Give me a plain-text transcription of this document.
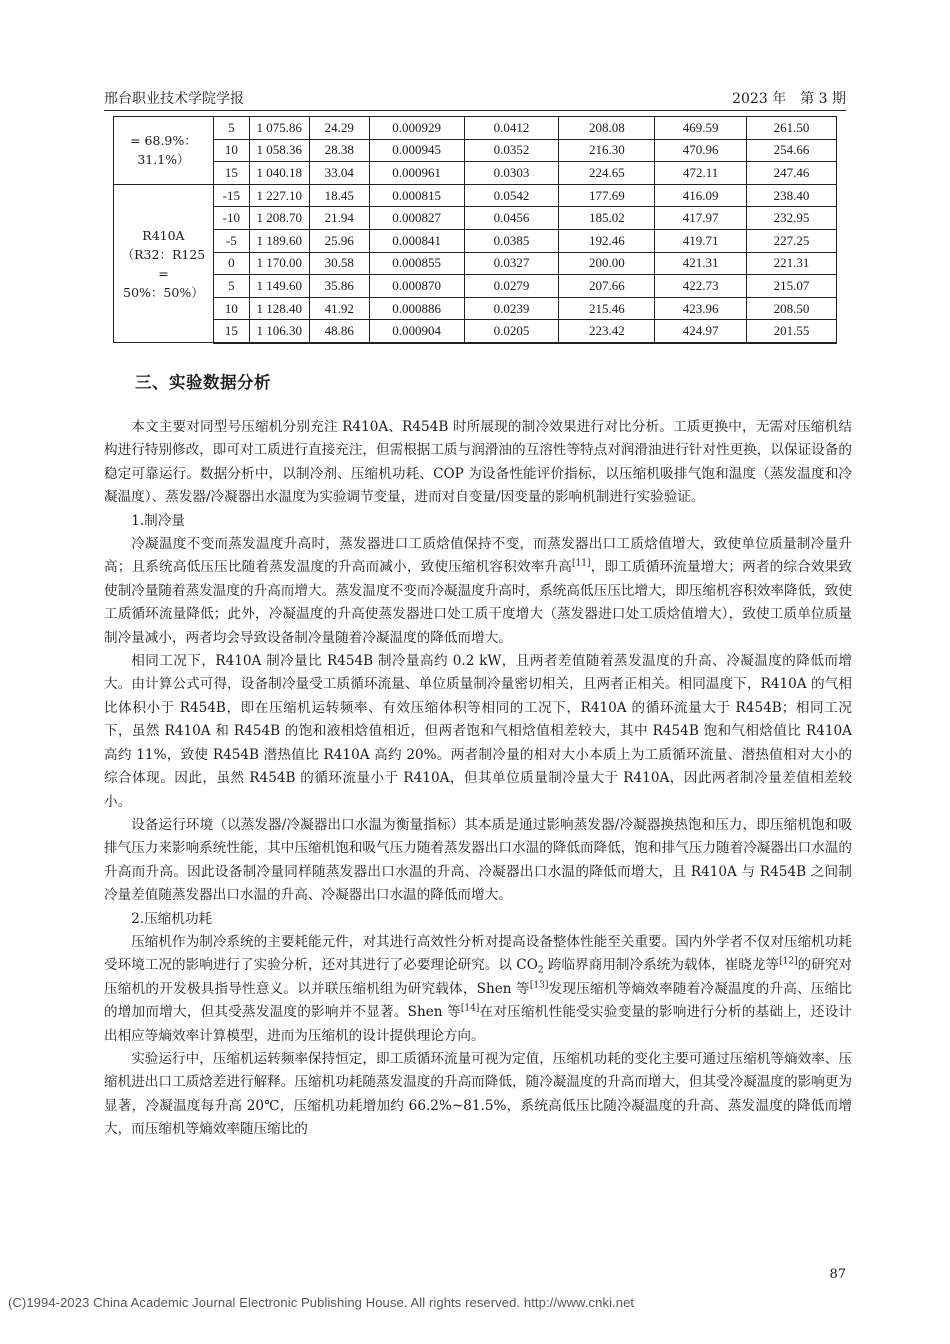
邢台职业技术学院学报	2023 年　第 3 期
= 68.9%：
31.1%）	5	1 075.86	24.29	0.000929	0.0412	208.08	469.59	261.50
	10	1 058.36	28.38	0.000945	0.0352	216.30	470.96	254.66
	15	1 040.18	33.04	0.000961	0.0303	224.65	472.11	247.46
R410A
（R32：R125
=
50%：50%）	-15	1 227.10	18.45	0.000815	0.0542	177.69	416.09	238.40
	-10	1 208.70	21.94	0.000827	0.0456	185.02	417.97	232.95
	-5	1 189.60	25.96	0.000841	0.0385	192.46	419.71	227.25
	0	1 170.00	30.58	0.000855	0.0327	200.00	421.31	221.31
	5	1 149.60	35.86	0.000870	0.0279	207.66	422.73	215.07
	10	1 128.40	41.92	0.000886	0.0239	215.46	423.96	208.50
	15	1 106.30	48.86	0.000904	0.0205	223.42	424.97	201.55
三、实验数据分析

本文主要对同型号压缩机分别充注 R410A、R454B 时所展现的制冷效果进行对比分析。工质更换中，无需对压缩机结构进行特别修改，即可对工质进行直接充注，但需根据工质与润滑油的互溶性等特点对润滑油进行针对性更换，以保证设备的稳定可靠运行。数据分析中，以制冷剂、压缩机功耗、COP 为设备性能评价指标，以压缩机吸排气饱和温度（蒸发温度和冷凝温度）、蒸发器/冷凝器出水温度为实验调节变量，进而对自变量/因变量的影响机制进行实验验证。

1.制冷量

冷凝温度不变而蒸发温度升高时，蒸发器进口工质焓值保持不变，而蒸发器出口工质焓值增大，致使单位质量制冷量升高；且系统高低压压比随着蒸发温度的升高而减小，致使压缩机容积效率升高[11]，即工质循环流量增大；两者的综合效果致使制冷量随着蒸发温度的升高而增大。蒸发温度不变而冷凝温度升高时，系统高低压压比增大，即压缩机容积效率降低，致使工质循环流量降低；此外，冷凝温度的升高使蒸发器进口处工质干度增大（蒸发器进口处工质焓值增大），致使工质单位质量制冷量减小，两者均会导致设备制冷量随着冷凝温度的降低而增大。

相同工况下，R410A 制冷量比 R454B 制冷量高约 0.2 kW，且两者差值随着蒸发温度的升高、冷凝温度的降低而增大。由计算公式可得，设备制冷量受工质循环流量、单位质量制冷量密切相关，且两者正相关。相同温度下，R410A 的气相比体积小于 R454B，即在压缩机运转频率、有效压缩体积等相同的工况下，R410A 的循环流量大于 R454B；相同工况下，虽然 R410A 和 R454B 的饱和液相焓值相近，但两者饱和气相焓值相差较大，其中 R454B 饱和气相焓值比 R410A 高约 11%，致使 R454B 潜热值比 R410A 高约 20%。两者制冷量的相对大小本质上为工质循环流量、潜热值相对大小的综合体现。因此，虽然 R454B 的循环流量小于 R410A，但其单位质量制冷量大于 R410A，因此两者制冷量差值相差较小。

设备运行环境（以蒸发器/冷凝器出口水温为衡量指标）其本质是通过影响蒸发器/冷凝器换热饱和压力，即压缩机饱和吸排气压力来影响系统性能，其中压缩机饱和吸气压力随着蒸发器出口水温的降低而降低，饱和排气压力随着冷凝器出口水温的升高而升高。因此设备制冷量同样随蒸发器出口水温的升高、冷凝器出口水温的降低而增大，且 R410A 与 R454B 之间制冷量差值随蒸发器出口水温的升高、冷凝器出口水温的降低而增大。

2.压缩机功耗

压缩机作为制冷系统的主要耗能元件，对其进行高效性分析对提高设备整体性能至关重要。国内外学者不仅对压缩机功耗受环境工况的影响进行了实验分析，还对其进行了必要理论研究。以 $CO_2$ 跨临界商用制冷系统为载体，崔晓龙等[12]的研究对压缩机的开发极具指导性意义。以并联压缩机组为研究载体，Shen 等[13]发现压缩机等熵效率随着冷凝温度的升高、压缩比的增加而增大，但其受蒸发温度的影响并不显著。Shen 等[14]在对压缩机性能受实验变量的影响进行分析的基础上，还设计出相应等熵效率计算模型，进而为压缩机的设计提供理论方向。

实验运行中，压缩机运转频率保持恒定，即工质循环流量可视为定值，压缩机功耗的变化主要可通过压缩机等熵效率、压缩机进出口工质焓差进行解释。压缩机功耗随蒸发温度的升高而降低，随冷凝温度的升高而增大，但其受冷凝温度的影响更为显著，冷凝温度每升高 20℃，压缩机功耗增加约 66.2%~81.5%，系统高低压比随冷凝温度的升高、蒸发温度的降低而增大，而压缩机等熵效率随压缩比的

87
(C)1994-2023 China Academic Journal Electronic Publishing House. All rights reserved. http://www.cnki.net
